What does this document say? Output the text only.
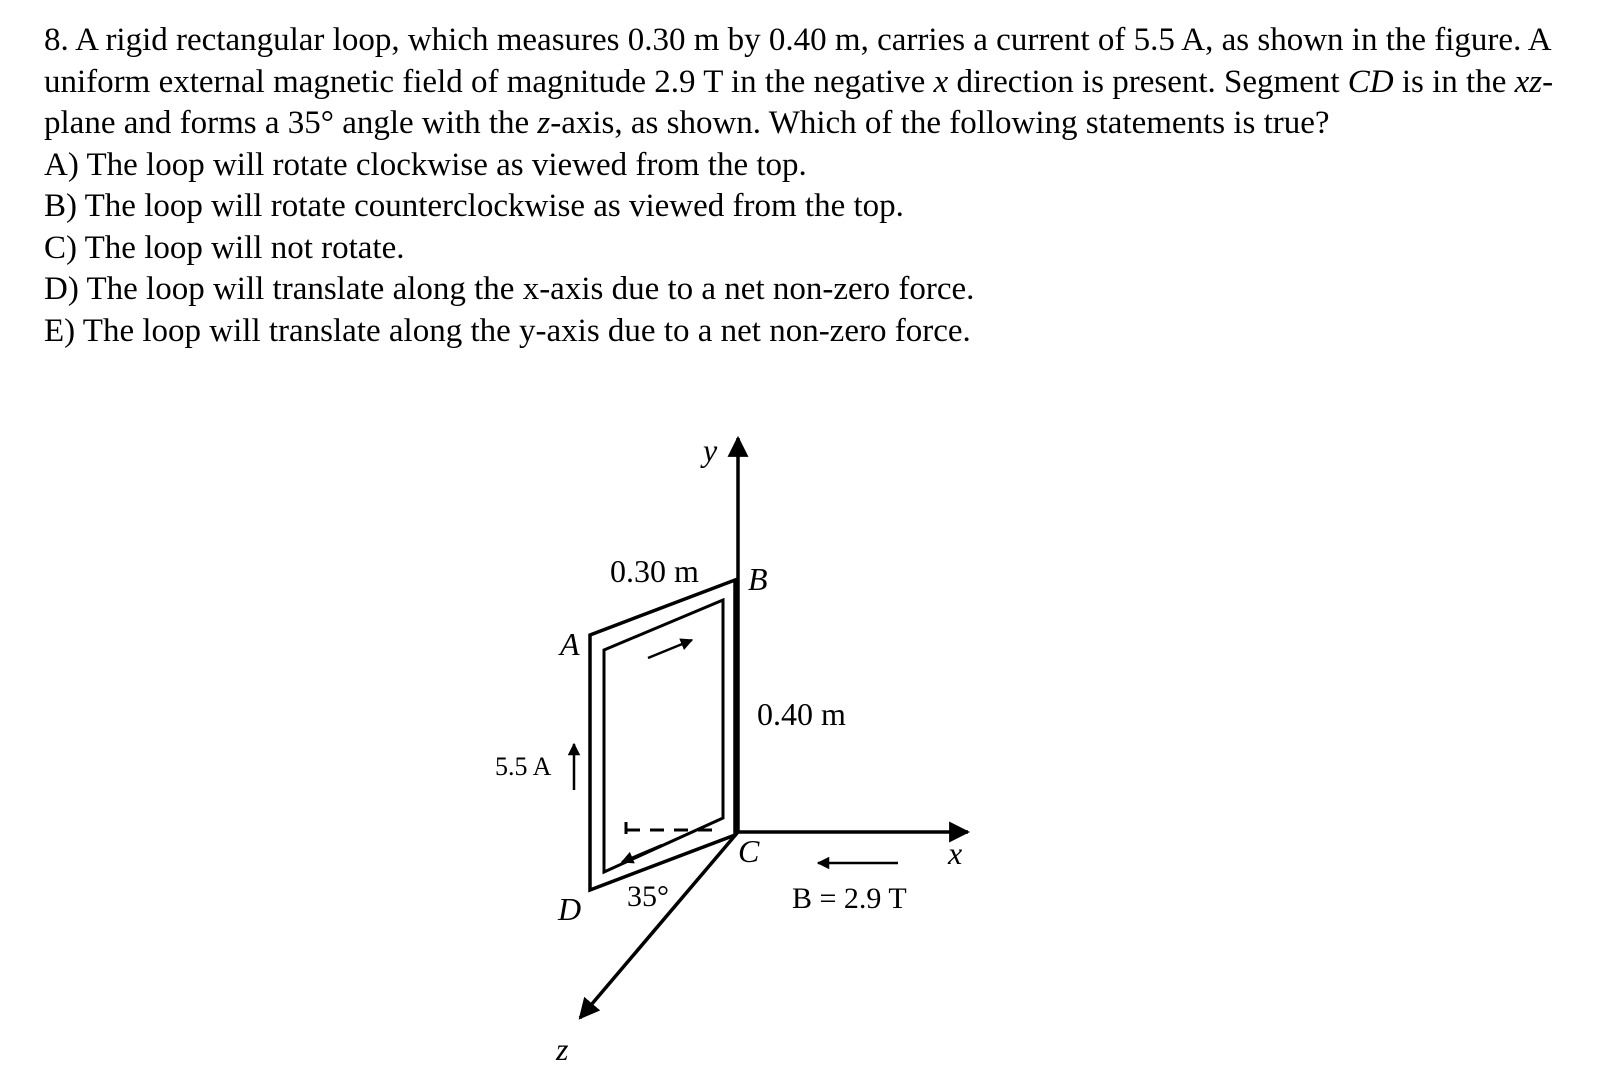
8. A rigid rectangular loop, which measures 0.30 m by 0.40 m, carries a current of 5.5 A, as shown in the figure. A uniform external magnetic field of magnitude 2.9 T in the negative x direction is present. Segment CD is in the xz-plane and forms a 35° angle with the z-axis, as shown. Which of the following statements is true?

A) The loop will rotate clockwise as viewed from the top.

B) The loop will rotate counterclockwise as viewed from the top.

C) The loop will not rotate.

D) The loop will translate along the x-axis due to a net non-zero force.

E) The loop will translate along the y-axis due to a net non-zero force.

y
x
z
0.30 m B
A
0.40 m
5.5 A
C
D 35°	B = 2.9 T
